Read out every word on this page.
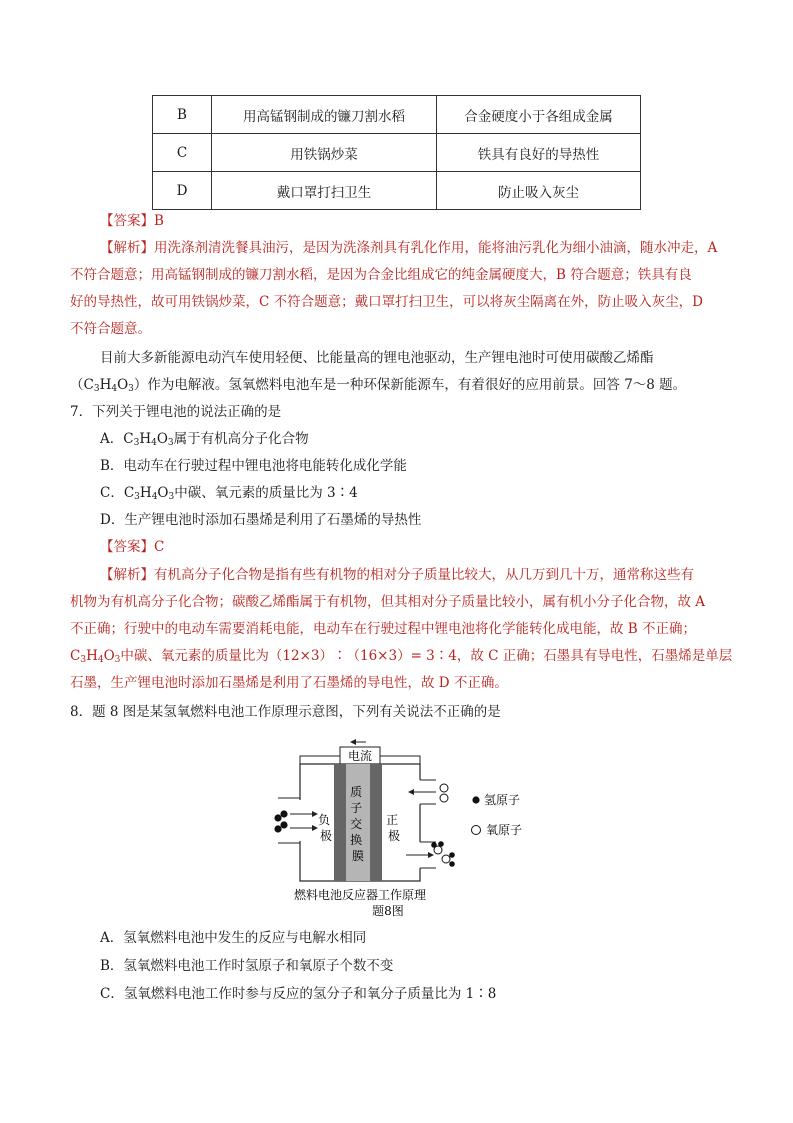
B	用高锰钢制成的镰刀割水稻	合金硬度小于各组成金属
C	用铁锅炒菜	铁具有良好的导热性
D	戴口罩打扫卫生	防止吸入灰尘
【答案】B
【解析】用洗涤剂清洗餐具油污，是因为洗涤剂具有乳化作用，能将油污乳化为细小油滴，随水冲走，A
不符合题意；用高锰钢制成的镰刀割水稻，是因为合金比组成它的纯金属硬度大，B 符合题意；铁具有良
好的导热性，故可用铁锅炒菜，C 不符合题意；戴口罩打扫卫生，可以将灰尘隔离在外，防止吸入灰尘，D
不符合题意。
目前大多新能源电动汽车使用轻便、比能量高的锂电池驱动，生产锂电池时可使用碳酸乙烯酯
（C3H4O3）作为电解液。氢氧燃料电池车是一种环保新能源车，有着很好的应用前景。回答 7～8 题。
7．下列关于锂电池的说法正确的是
A．C3H4O3属于有机高分子化合物
B．电动车在行驶过程中锂电池将电能转化成化学能
C．C3H4O3中碳、氧元素的质量比为 3∶4
D．生产锂电池时添加石墨烯是利用了石墨烯的导热性
【答案】C
【解析】有机高分子化合物是指有些有机物的相对分子质量比较大，从几万到几十万，通常称这些有
机物为有机高分子化合物；碳酸乙烯酯属于有机物，但其相对分子质量比较小，属有机小分子化合物，故 A
不正确；行驶中的电动车需要消耗电能，电动车在行驶过程中锂电池将化学能转化成电能，故 B 不正确；
C3H4O3中碳、氧元素的质量比为（12×3）∶（16×3）= 3∶4，故 C 正确；石墨具有导电性，石墨烯是单层
石墨，生产锂电池时添加石墨烯是利用了石墨烯的导电性，故 D 不正确。
8．题 8 图是某氢氧燃料电池工作原理示意图，下列有关说法不正确的是
电流
质 子 交 换 膜
负 极
正 极
氢原子
氧原子
燃料电池反应器工作原理
题8图
A．氢氧燃料电池中发生的反应与电解水相同
B．氢氧燃料电池工作时氢原子和氧原子个数不变
C．氢氧燃料电池工作时参与反应的氢分子和氧分子质量比为 1∶8
